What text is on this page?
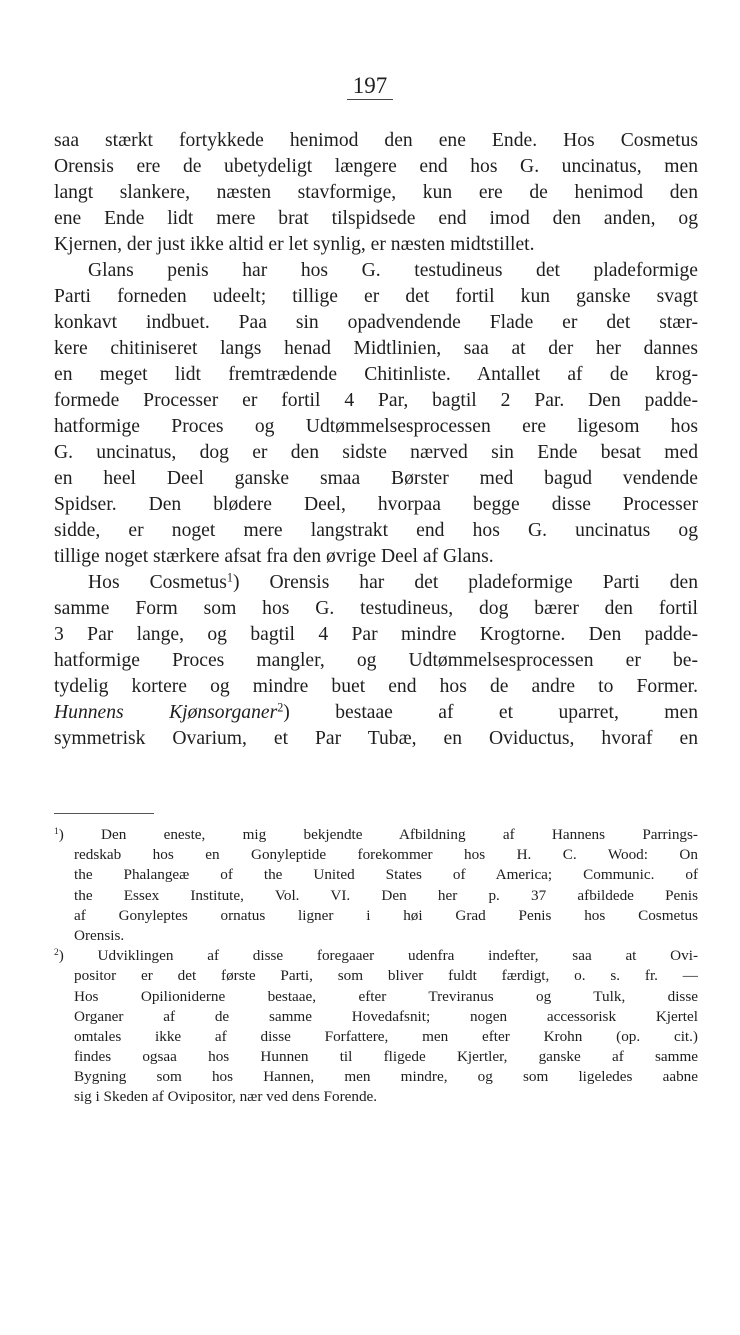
197
saa stærkt fortykkede henimod den ene Ende. Hos Cosmetus
Orensis ere de ubetydeligt længere end hos G. uncinatus, men
langt slankere, næsten stavformige, kun ere de henimod den
ene Ende lidt mere brat tilspidsede end imod den anden, og
Kjernen, der just ikke altid er let synlig, er næsten midtstillet.
Glans penis har hos G. testudineus det pladeformige
Parti forneden udeelt; tillige er det fortil kun ganske svagt
konkavt indbuet. Paa sin opadvendende Flade er det stær-
kere chitiniseret langs henad Midtlinien, saa at der her dannes
en meget lidt fremtrædende Chitinliste. Antallet af de krog-
formede Processer er fortil 4 Par, bagtil 2 Par. Den padde-
hatformige Proces og Udtømmelsesprocessen ere ligesom hos
G. uncinatus, dog er den sidste nærved sin Ende besat med
en heel Deel ganske smaa Børster med bagud vendende
Spidser. Den blødere Deel, hvorpaa begge disse Processer
sidde, er noget mere langstrakt end hos G. uncinatus og
tillige noget stærkere afsat fra den øvrige Deel af Glans.
Hos Cosmetus$^1$) Orensis har det pladeformige Parti den
samme Form som hos G. testudineus, dog bærer den fortil
3 Par lange, og bagtil 4 Par mindre Krogtorne. Den padde-
hatformige Proces mangler, og Udtømmelsesprocessen er be-
tydelig kortere og mindre buet end hos de andre to Former.
Hunnens Kjønsorganer$^2$) bestaae af et uparret, men
symmetrisk Ovarium, et Par Tubæ, en Oviductus, hvoraf en
$^1$) Den eneste, mig bekjendte Afbildning af Hannens Parrings-
redskab hos en Gonyleptide forekommer hos H. C. Wood: On
the Phalangeæ of the United States of America; Communic. of
the Essex Institute, Vol. VI. Den her p. 37 afbildede Penis
af Gonyleptes ornatus ligner i høi Grad Penis hos Cosmetus
Orensis.
$^2$) Udviklingen af disse foregaaer udenfra indefter, saa at Ovi-
positor er det første Parti, som bliver fuldt færdigt, o. s. fr. —
Hos Opilioniderne bestaae, efter Treviranus og Tulk, disse
Organer af de samme Hovedafsnit; nogen accessorisk Kjertel
omtales ikke af disse Forfattere, men efter Krohn (op. cit.)
findes ogsaa hos Hunnen til fligede Kjertler, ganske af samme
Bygning som hos Hannen, men mindre, og som ligeledes aabne
sig i Skeden af Ovipositor, nær ved dens Forende.
